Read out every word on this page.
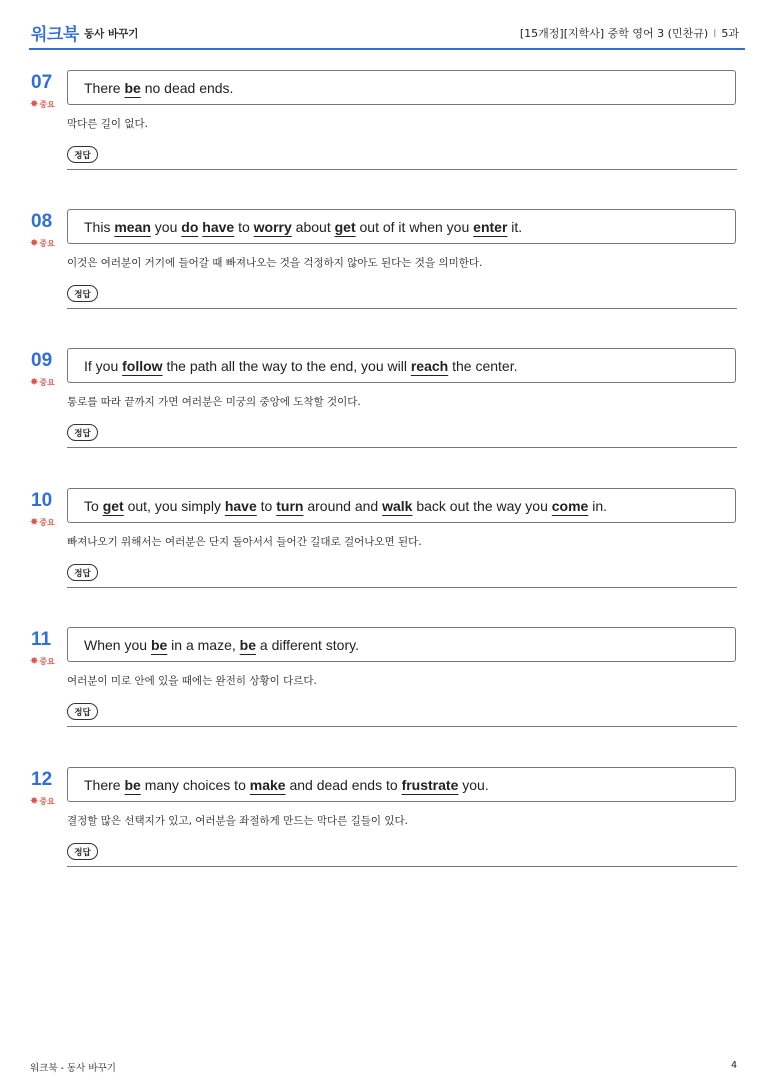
워크북 동사 바꾸기	[15개정][지학사] 중학 영어 3 (민찬규) I 5과
07
✸중요
There be no dead ends.
막다른 길이 없다.
정답
08
✸중요
This mean you do have to worry about get out of it when you enter it.
이것은 여러분이 거기에 들어갈 때 빠져나오는 것을 걱정하지 않아도 된다는 것을 의미한다.
정답
09
✸중요
If you follow the path all the way to the end, you will reach the center.
통로를 따라 끝까지 가면 여러분은 미궁의 중앙에 도착할 것이다.
정답
10
✸중요
To get out, you simply have to turn around and walk back out the way you come in.
빠져나오기 위해서는 여러분은 단지 돌아서서 들어간 길대로 걸어나오면 된다.
정답
11
✸중요
When you be in a maze, be a different story.
여러분이 미로 안에 있을 때에는 완전히 상황이 다르다.
정답
12
✸중요
There be many choices to make and dead ends to frustrate you.
결정할 많은 선택지가 있고, 여러분을 좌절하게 만드는 막다른 길들이 있다.
정답
워크북 - 동사 바꾸기	4
